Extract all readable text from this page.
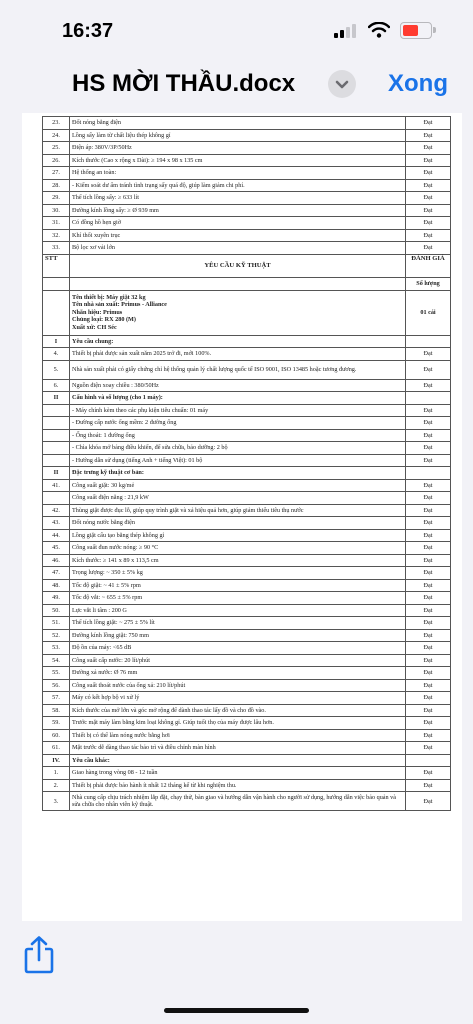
16:37
HS MỜI THẦU.docx	Xong
23.	Đốt nóng bằng điện	Đạt
24.	Lồng sấy làm từ chất liệu thép không gỉ	Đạt
25.	Điện áp: 380V/3P/50Hz	Đạt
26.	Kích thước (Cao x rộng x Dài): ≥ 194 x 98 x 135 cm	Đạt
27.	Hệ thống an toàn:	Đạt
28.	- Kiểm soát dư ẩm tránh tình trạng sấy quá độ, giúp làm giảm chi phí.	Đạt
29.	Thể tích lồng sấy: ≥ 633 lít	Đạt
30.	Đường kính lồng sấy: ≥ Ø 939 mm	Đạt
31.	Có đồng hồ hẹn giờ	Đạt
32.	Khí thổi xuyên trục	Đạt
33.	Bộ lọc xơ vải lớn	Đạt
STT	YÊU CẦU KỸ THUẬT	ĐÁNH GIÁ
		Số lượng

	Tên thiết bị: Máy giặt 32 kg
Tên nhà sản xuất: Primus - Alliance
Nhãn hiệu: Primus
Chủng loại: RX 280 (M)
Xuất xứ: CH Séc	01 cái
I	Yêu cầu chung:	
4.	Thiết bị phải được sản xuất năm 2025 trở đi, mới 100%.	Đạt
5.	Nhà sản xuất phải có giấy chứng chỉ hệ thống quản lý chất lượng quốc tế ISO 9001, ISO 13485 hoặc tương đương.	Đạt
6.	Nguồn điện xoay chiều : 380/50Hz	Đạt
II	Cấu hình và số lượng (cho 1 máy):	
	- Máy chính kèm theo các phụ kiện tiêu chuẩn: 01 máy	Đạt
	- Đường cấp nước ống mềm: 2 đường ống	Đạt
	- Ống thoát: 1 đường ống	Đạt
	- Chìa khóa mở bảng điều khiển, để sửa chữa, bảo dưỡng: 2 bộ	Đạt
	- Hướng dẫn sử dụng (tiếng Anh + tiếng Việt): 01 bộ	Đạt
II	Đặc trưng kỹ thuật cơ bản:	
41.	Công suất giặt: 30 kg/mẻ	Đạt
	Công suất điện năng : 21,9 kW	Đạt
42.	Thùng giặt được đục lỗ, giúp quy trình giặt và xả hiệu quả hơn, giúp giảm thiểu tiêu thụ nước	Đạt
43.	Đốt nóng nước bằng điện	Đạt
44.	Lồng giặt cấu tạo bằng thép không gỉ	Đạt
45.	Công suất đun nước nóng: ≥ 90 °C	Đạt
46.	Kích thước: ≥ 141 x 89 x 113,5 cm	Đạt
47.	Trọng lượng: ~ 350 ± 5% kg	Đạt
48.	Tốc độ giặt: ~ 41 ± 5% rpm	Đạt
49.	Tốc độ vắt: ~ 655 ± 5% rpm	Đạt
50.	Lực vắt li tâm : 200 G	Đạt
51.	Thể tích lồng giặt: ~ 275 ± 5% lít	Đạt
52.	Đường kính lồng giặt: 750 mm	Đạt
53.	Độ ồn của máy: <65 dB	Đạt
54.	Công suất cấp nước: 20 lít/phút	Đạt
55.	Đường xả nước: Ø 76 mm	Đạt
56.	Công suất thoát nước của ống xả: 210 lít/phút	Đạt
57.	Máy có kết hợp bộ vi xử lý	Đạt
58.	Kích thước của mở lớn và góc mở rộng để dành thao tác lấy đồ và cho đồ vào.	Đạt
59.	Trước mặt máy làm bằng kim loại không gỉ. Giúp tuổi thọ của máy được lâu hơn.	Đạt
60.	Thiết bị có thể làm nóng nước bằng hơi	Đạt
61.	Mặt trước dễ dàng thao tác bảo trì và điều chỉnh màn hình	Đạt
IV.	Yêu cầu khác:	
1.	Giao hàng trong vòng 08 - 12 tuần	Đạt
2.	Thiết bị phải được bảo hành ít nhất 12 tháng kể từ khi nghiệm thu.	Đạt
3.	Nhà cung cấp chịu trách nhiệm lắp đặt, chạy thử, bàn giao và hướng dẫn vận hành cho người sử dụng, hướng dẫn việc bảo quản và sửa chữa cho nhân viên kỹ thuật.	Đạt
